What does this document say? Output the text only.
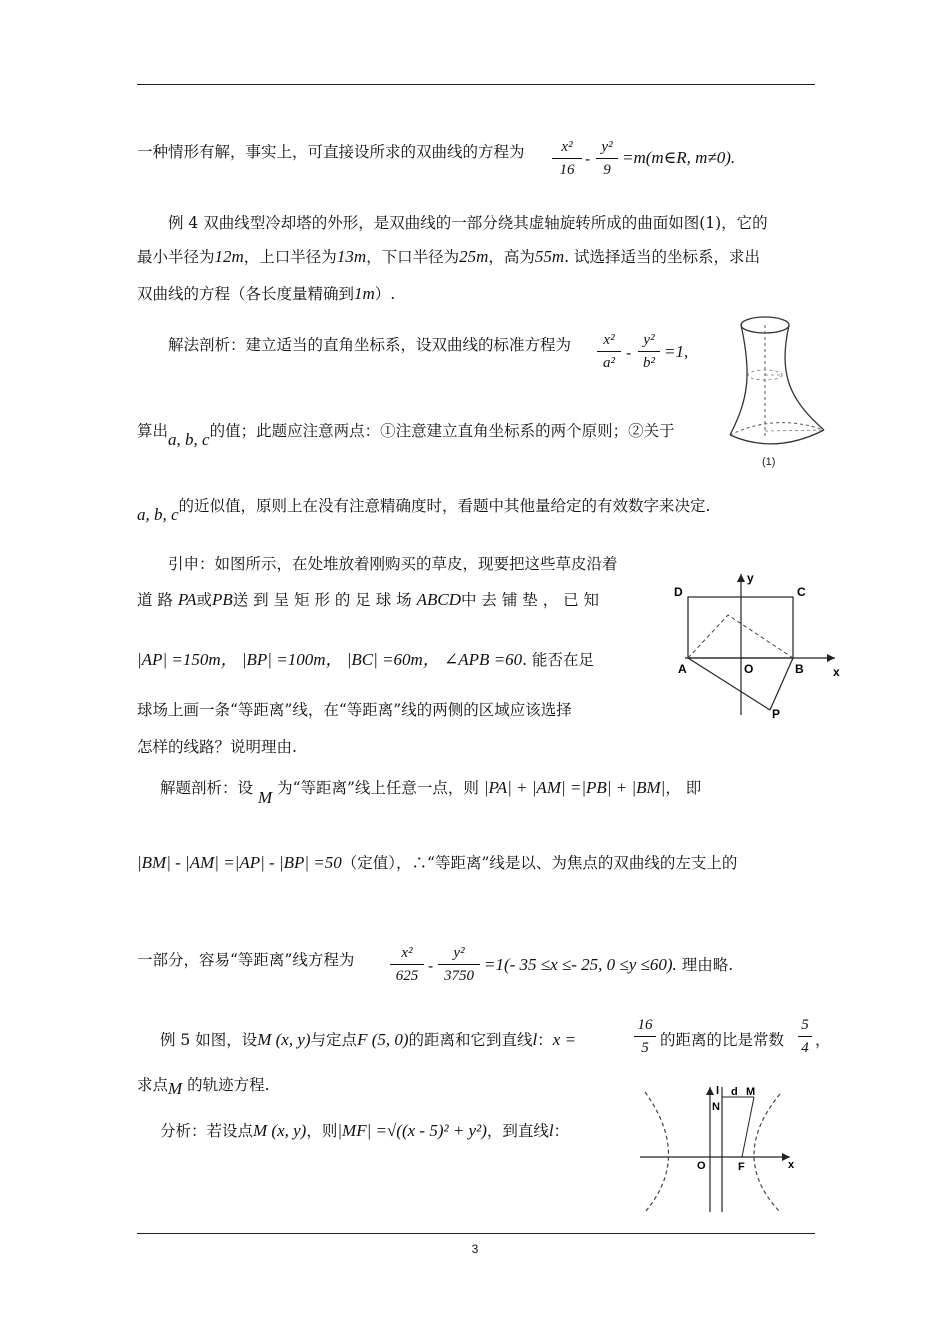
一种情形有解，事实上，可直接设所求的双曲线的方程为	x²
16
-
y²
9
=m(m∈R, m≠0).
例 4 双曲线型冷却塔的外形，是双曲线的一部分绕其虚轴旋转所成的曲面如图(1)，它的
最小半径为12m，上口半径为13m，下口半径为25m，高为55m. 试选择适当的坐标系，求出
双曲线的方程（各长度量精确到1m）.
解法剖析：建立适当的直角坐标系，设双曲线的标准方程为	x²
a²
-
y²
b²
=1,
算出a, b, c的值；此题应注意两点：①注意建立直角坐标系的两个原则；②关于
a, b, c的近似值，原则上在没有注意精确度时，看题中其他量给定的有效数字来决定.
(1)
引申：如图所示，在处堆放着刚购买的草皮，现要把这些草皮沿着
道 路 PA或PB送 到 呈 矩 形 的 足 球 场 ABCD中 去 铺 垫 ， 已 知
|AP| =150m， |BP| =100m， |BC| =60m， ∠APB =60. 能否在足
球场上画一条“等距离”线，在“等距离”线的两侧的区域应该选择
怎样的线路？说明理由.
D	C
y
A	O	B x
P
解题剖析：设 M 为“等距离”线上任意一点，则 |PA| + |AM| =|PB| + |BM|， 即
|BM| - |AM| =|AP| - |BP| =50（定值），∴“等距离”线是以、为焦点的双曲线的左支上的
一部分，容易“等距离”线方程为	x²
625
-
y²
3750
=1(- 35 ≤x ≤- 25, 0 ≤y ≤60). 理由略.
例 5 如图，设M (x, y)与定点F (5, 0)的距离和它到直线l：x =
16
5 的距离的比是常数
5
4 ，
求点M 的轨迹方程.
分析：若设点M (x, y)，则|MF| =√((x - 5)² + y²)，到直线l：
l d M
N
O	F	x
3
